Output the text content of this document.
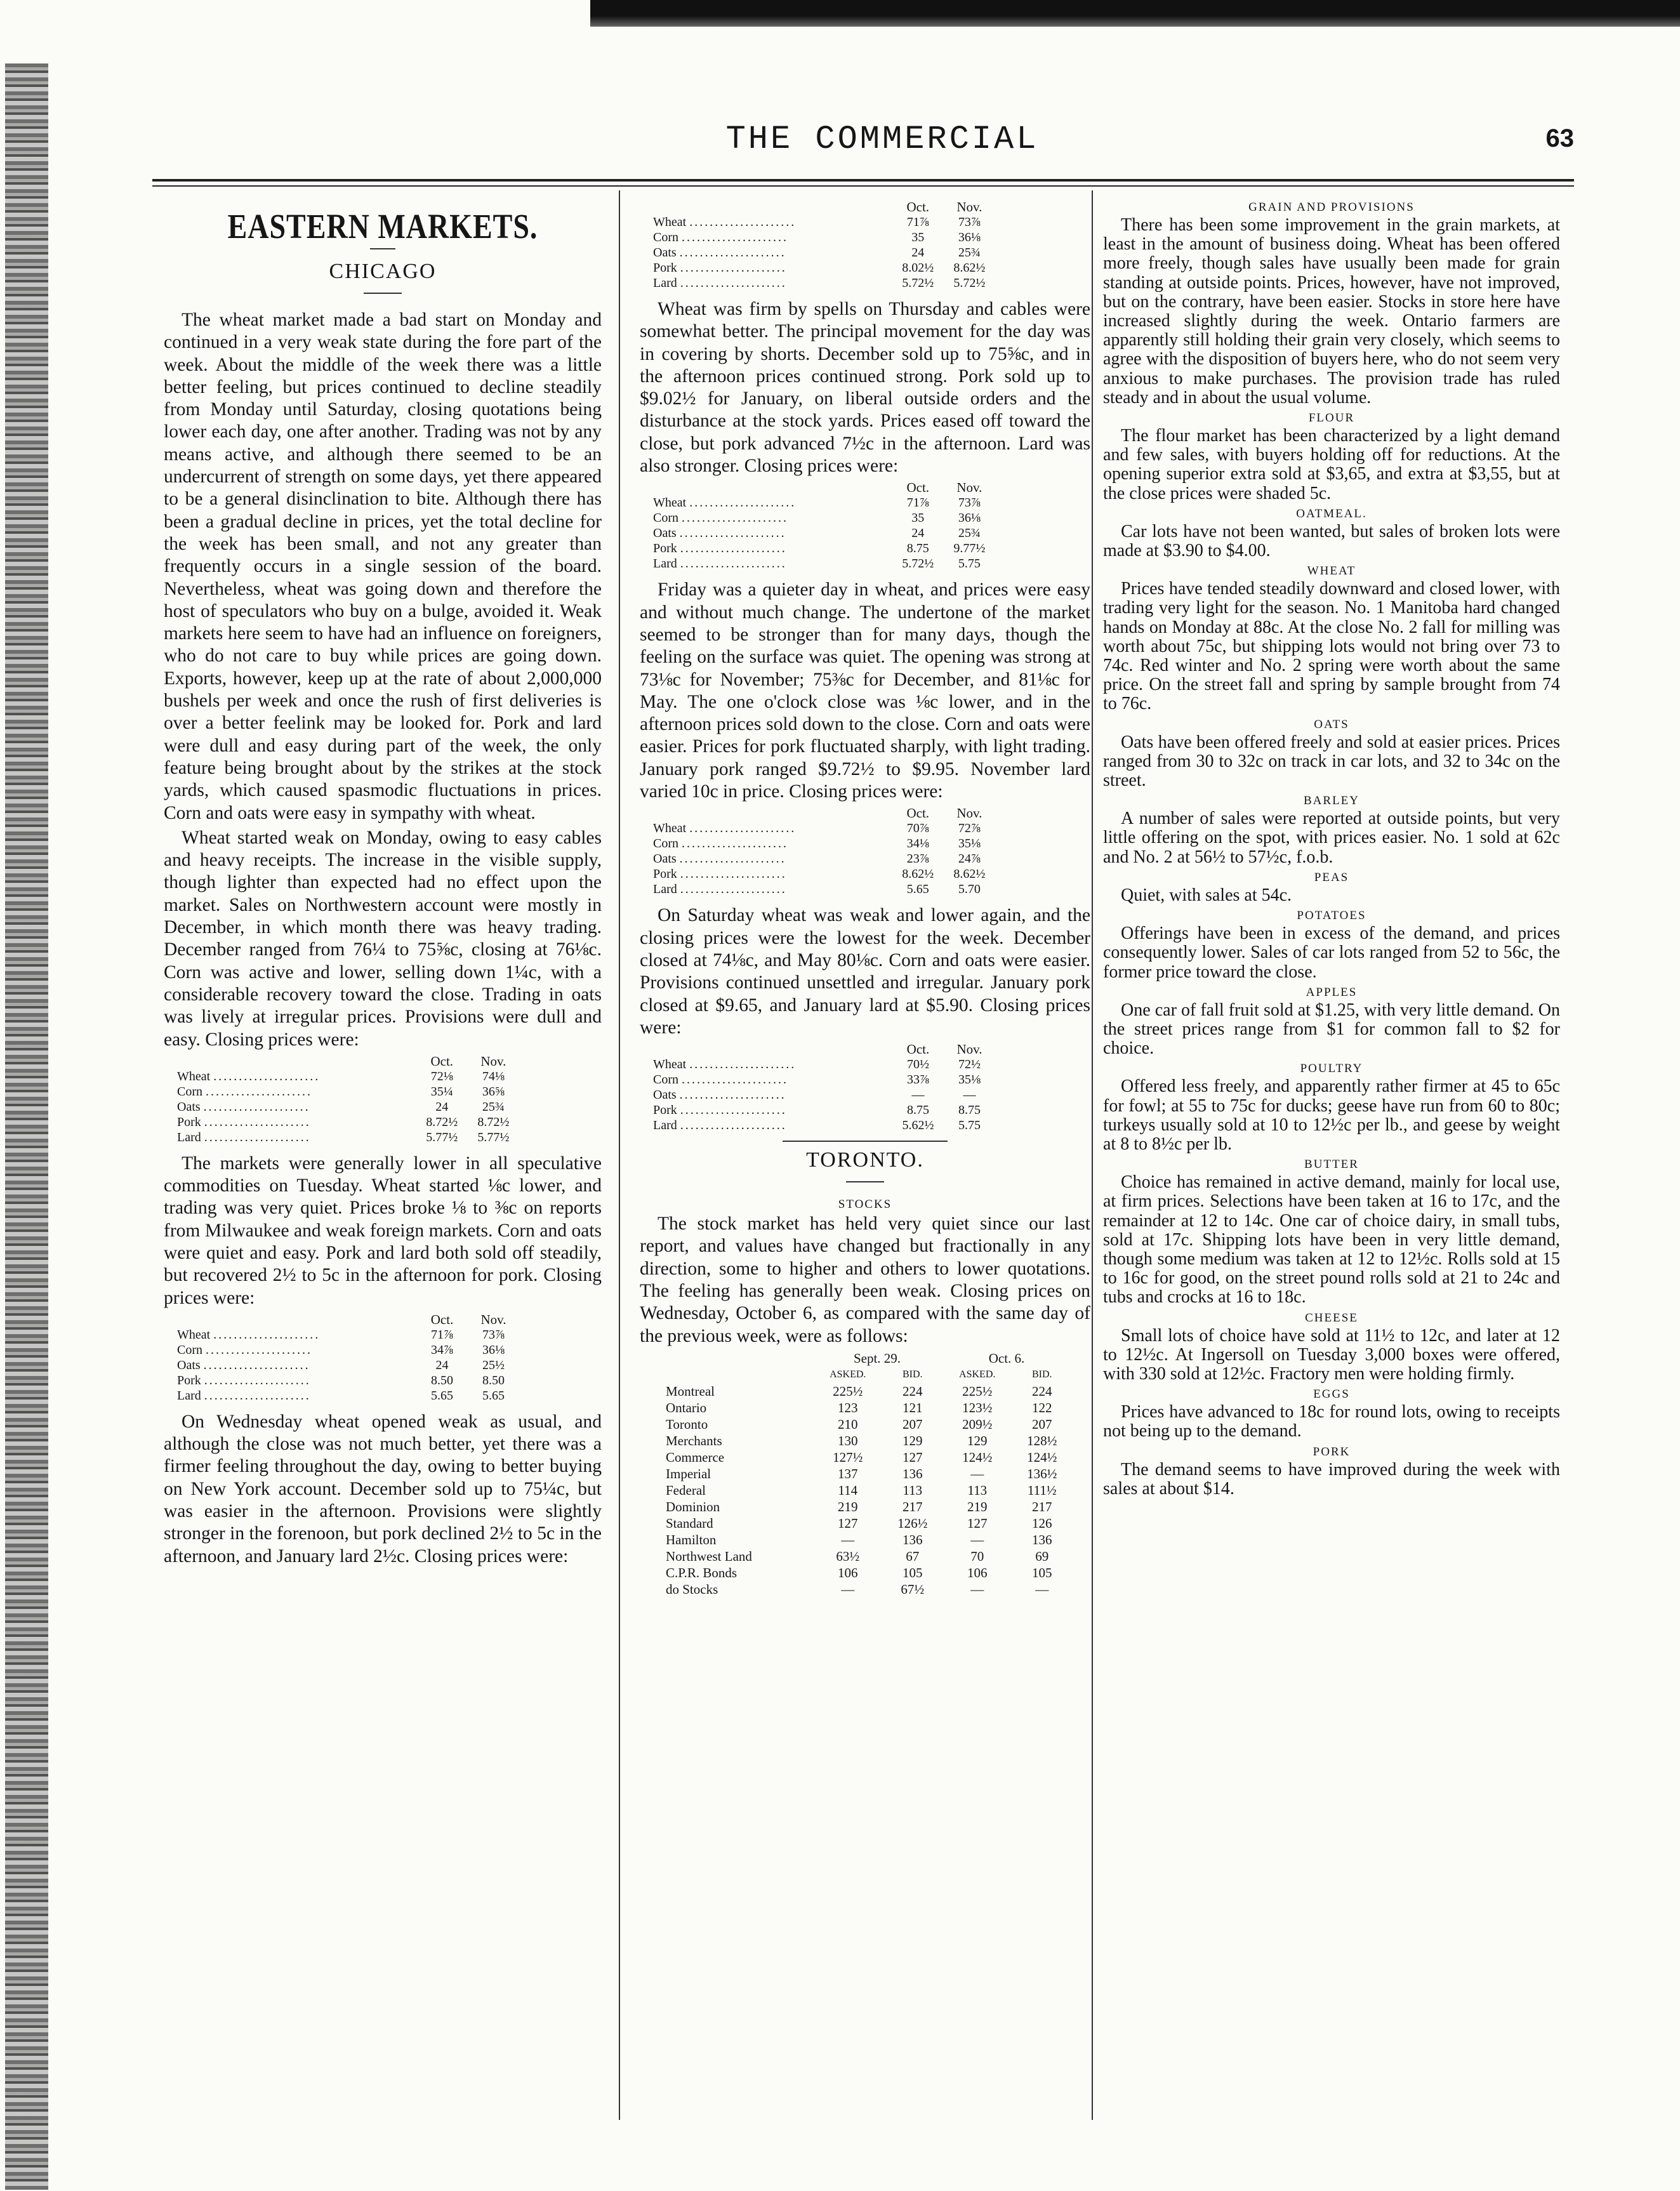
THE COMMERCIAL	63
EASTERN MARKETS.
CHICAGO

The wheat market made a bad start on Monday and continued in a very weak state during the fore part of the week. About the middle of the week there was a little better feeling, but prices continued to decline steadily from Monday until Saturday, closing quotations being lower each day, one after another. Trading was not by any means active, and although there seemed to be an undercurrent of strength on some days, yet there appeared to be a general disinclination to bite. Although there has been a gradual decline in prices, yet the total decline for the week has been small, and not any greater than frequently occurs in a single session of the board. Nevertheless, wheat was going down and therefore the host of speculators who buy on a bulge, avoided it. Weak markets here seem to have had an influence on foreigners, who do not care to buy while prices are going down. Exports, however, keep up at the rate of about 2,000,000 bushels per week and once the rush of first deliveries is over a better feelink may be looked for. Pork and lard were dull and easy during part of the week, the only feature being brought about by the strikes at the stock yards, which caused spasmodic fluctuations in prices. Corn and oats were easy in sympathy with wheat.

Wheat started weak on Monday, owing to easy cables and heavy receipts. The increase in the visible supply, though lighter than expected had no effect upon the market. Sales on Northwestern account were mostly in December, in which month there was heavy trading. December ranged from 76¼ to 75⅝c, closing at 76⅛c. Corn was active and lower, selling down 1¼c, with a considerable recovery toward the close. Trading in oats was lively at irregular prices. Provisions were dull and easy. Closing prices were:

	Oct.	Nov.
Wheat .....................	72⅛	74⅛
Corn .....................	35¼	36⅝
Oats .....................	24	25¾
Pork .....................	8.72½	8.72½
Lard .....................	5.77½	5.77½

The markets were generally lower in all speculative commodities on Tuesday. Wheat started ⅛c lower, and trading was very quiet. Prices broke ⅛ to ⅜c on reports from Milwaukee and weak foreign markets. Corn and oats were quiet and easy. Pork and lard both sold off steadily, but recovered 2½ to 5c in the afternoon for pork. Closing prices were:

	Oct.	Nov.
Wheat .....................	71⅞	73⅞
Corn .....................	34⅞	36⅛
Oats .....................	24	25½
Pork .....................	8.50	8.50
Lard .....................	5.65	5.65

On Wednesday wheat opened weak as usual, and although the close was not much better, yet there was a firmer feeling throughout the day, owing to better buying on New York account. December sold up to 75¼c, but was easier in the afternoon. Provisions were slightly stronger in the forenoon, but pork declined 2½ to 5c in the afternoon, and January lard 2½c. Closing prices were:

	Oct.	Nov.
Wheat .....................	71⅞	73⅞
Corn .....................	35	36⅛
Oats .....................	24	25¾
Pork .....................	8.02½	8.62½
Lard .....................	5.72½	5.72½

Wheat was firm by spells on Thursday and cables were somewhat better. The principal movement for the day was in covering by shorts. December sold up to 75⅝c, and in the afternoon prices continued strong. Pork sold up to $9.02½ for January, on liberal outside orders and the disturbance at the stock yards. Prices eased off toward the close, but pork advanced 7½c in the afternoon. Lard was also stronger. Closing prices were:

	Oct.	Nov.
Wheat .....................	71⅞	73⅞
Corn .....................	35	36⅛
Oats .....................	24	25¾
Pork .....................	8.75	9.77½
Lard .....................	5.72½	5.75

Friday was a quieter day in wheat, and prices were easy and without much change. The undertone of the market seemed to be stronger than for many days, though the feeling on the surface was quiet. The opening was strong at 73⅛c for November; 75⅜c for December, and 81⅛c for May. The one o'clock close was ⅛c lower, and in the afternoon prices sold down to the close. Corn and oats were easier. Prices for pork fluctuated sharply, with light trading. January pork ranged $9.72½ to $9.95. November lard varied 10c in price. Closing prices were:

	Oct.	Nov.
Wheat .....................	70⅞	72⅞
Corn .....................	34⅛	35⅛
Oats .....................	23⅞	24⅞
Pork .....................	8.62½	8.62½
Lard .....................	5.65	5.70

On Saturday wheat was weak and lower again, and the closing prices were the lowest for the week. December closed at 74⅛c, and May 80⅛c. Corn and oats were easier. Provisions continued unsettled and irregular. January pork closed at $9.65, and January lard at $5.90. Closing prices were:

	Oct.	Nov.
Wheat .....................	70½	72½
Corn .....................	33⅞	35⅛
Oats .....................	—	—
Pork .....................	8.75	8.75
Lard .....................	5.62½	5.75
TORONTO.
STOCKS

The stock market has held very quiet since our last report, and values have changed but fractionally in any direction, some to higher and others to lower quotations. The feeling has generally been weak. Closing prices on Wednesday, October 6, as compared with the same day of the previous week, were as follows:

	Sept. 29.		Oct. 6.	
	ASKED.	BID.	ASKED.	BID.
Montreal	225½	224	225½	224
Ontario	123	121	123½	122
Toronto	210	207	209½	207
Merchants	130	129	129	128½
Commerce	127½	127	124½	124½
Imperial	137	136	—	136½
Federal	114	113	113	111½
Dominion	219	217	219	217
Standard	127	126½	127	126
Hamilton	—	136	—	136
Northwest Land	63½	67	70	69
C.P.R. Bonds	106	105	106	105
do Stocks	—	67½	—	—
GRAIN AND PROVISIONS

There has been some improvement in the grain markets, at least in the amount of business doing. Wheat has been offered more freely, though sales have usually been made for grain standing at outside points. Prices, however, have not improved, but on the contrary, have been easier. Stocks in store here have increased slightly during the week. Ontario farmers are apparently still holding their grain very closely, which seems to agree with the disposition of buyers here, who do not seem very anxious to make purchases. The provision trade has ruled steady and in about the usual volume.

FLOUR

The flour market has been characterized by a light demand and few sales, with buyers holding off for reductions. At the opening superior extra sold at $3,65, and extra at $3,55, but at the close prices were shaded 5c.

OATMEAL.

Car lots have not been wanted, but sales of broken lots were made at $3.90 to $4.00.

WHEAT

Prices have tended steadily downward and closed lower, with trading very light for the season. No. 1 Manitoba hard changed hands on Monday at 88c. At the close No. 2 fall for milling was worth about 75c, but shipping lots would not bring over 73 to 74c. Red winter and No. 2 spring were worth about the same price. On the street fall and spring by sample brought from 74 to 76c.

OATS

Oats have been offered freely and sold at easier prices. Prices ranged from 30 to 32c on track in car lots, and 32 to 34c on the street.

BARLEY

A number of sales were reported at outside points, but very little offering on the spot, with prices easier. No. 1 sold at 62c and No. 2 at 56½ to 57½c, f.o.b.

PEAS

Quiet, with sales at 54c.

POTATOES

Offerings have been in excess of the demand, and prices consequently lower. Sales of car lots ranged from 52 to 56c, the former price toward the close.

APPLES

One car of fall fruit sold at $1.25, with very little demand. On the street prices range from $1 for common fall to $2 for choice.

POULTRY

Offered less freely, and apparently rather firmer at 45 to 65c for fowl; at 55 to 75c for ducks; geese have run from 60 to 80c; turkeys usually sold at 10 to 12½c per lb., and geese by weight at 8 to 8½c per lb.

BUTTER

Choice has remained in active demand, mainly for local use, at firm prices. Selections have been taken at 16 to 17c, and the remainder at 12 to 14c. One car of choice dairy, in small tubs, sold at 17c. Shipping lots have been in very little demand, though some medium was taken at 12 to 12½c. Rolls sold at 15 to 16c for good, on the street pound rolls sold at 21 to 24c and tubs and crocks at 16 to 18c.

CHEESE

Small lots of choice have sold at 11½ to 12c, and later at 12 to 12½c. At Ingersoll on Tuesday 3,000 boxes were offered, with 330 sold at 12½c. Fractory men were holding firmly.

EGGS

Prices have advanced to 18c for round lots, owing to receipts not being up to the demand.

PORK

The demand seems to have improved during the week with sales at about $14.
